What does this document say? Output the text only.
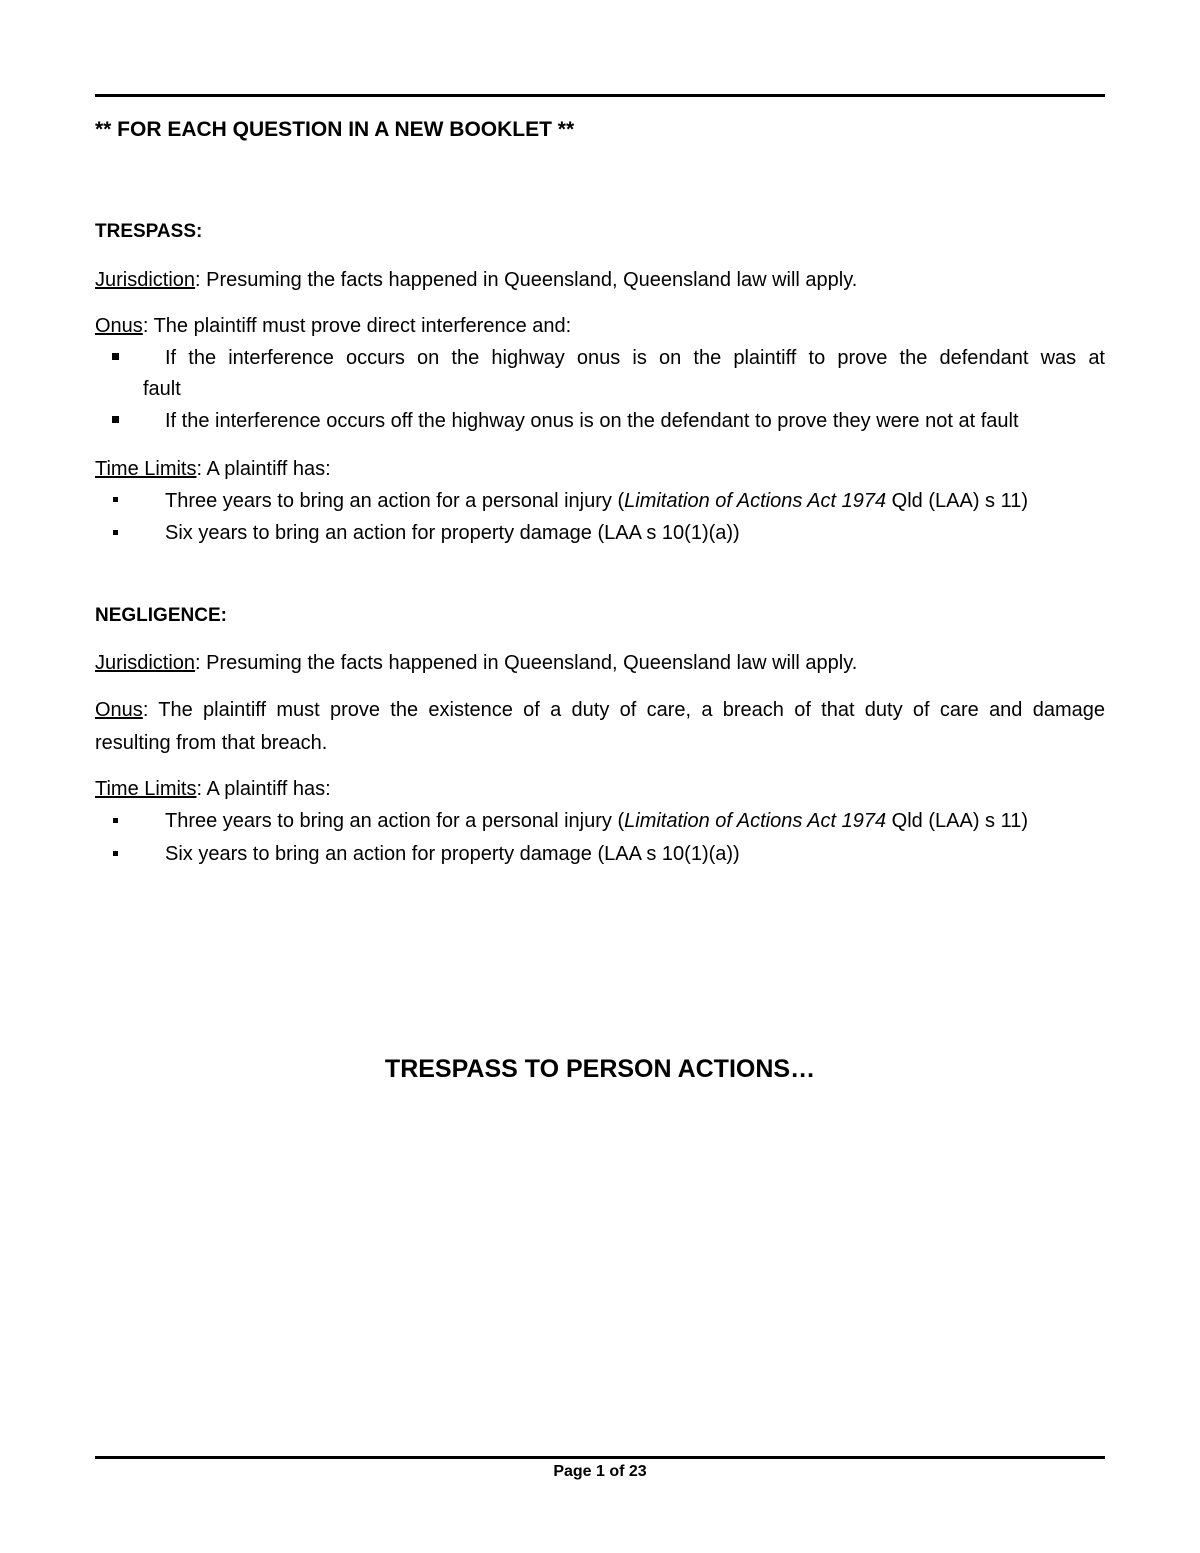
** FOR EACH QUESTION IN A NEW BOOKLET **
TRESPASS:
Jurisdiction: Presuming the facts happened in Queensland, Queensland law will apply.
Onus: The plaintiff must prove direct interference and:
If the interference occurs on the highway onus is on the plaintiff to prove the defendant was at
fault
If the interference occurs off the highway onus is on the defendant to prove they were not at fault
Time Limits: A plaintiff has:
Three years to bring an action for a personal injury (Limitation of Actions Act 1974 Qld (LAA) s 11)
Six years to bring an action for property damage (LAA s 10(1)(a))
NEGLIGENCE:
Jurisdiction: Presuming the facts happened in Queensland, Queensland law will apply.
Onus: The plaintiff must prove the existence of a duty of care, a breach of that duty of care and damage
resulting from that breach.
Time Limits: A plaintiff has:
Three years to bring an action for a personal injury (Limitation of Actions Act 1974 Qld (LAA) s 11)
Six years to bring an action for property damage (LAA s 10(1)(a))
TRESPASS TO PERSON ACTIONS…
Page 1 of 23
